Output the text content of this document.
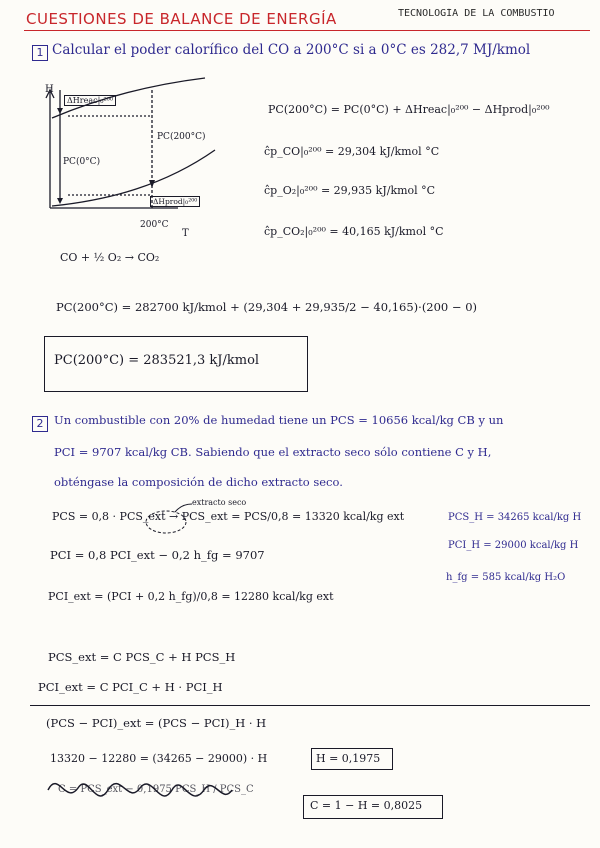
CUESTIONES DE BALANCE DE ENERGÍA	TECNOLOGÍA DE LA COMBUSTIÓ
1 Calcular el poder calorífico del CO a 200°C si a 0°C es 282,7 MJ/kmol
H
T
ΔHreac|₀²⁰⁰
PC(0°C)
PC(200°C)
ΔHprod|₀²⁰⁰
200°C
CO + ½ O₂ → CO₂
PC(200°C) = PC(0°C) + ΔHreac|₀²⁰⁰ − ΔHprod|₀²⁰⁰
ĉp_CO|₀²⁰⁰ = 29,304 kJ/kmol °C
ĉp_O₂|₀²⁰⁰ = 29,935 kJ/kmol °C
ĉp_CO₂|₀²⁰⁰ = 40,165 kJ/kmol °C
PC(200°C) = 282700 kJ/kmol + (29,304 + 29,935/2 − 40,165)·(200 − 0)
PC(200°C) = 283521,3 kJ/kmol
2 Un combustible con 20% de humedad tiene un PCS = 10656 kcal/kg CB y un
PCI = 9707 kcal/kg CB. Sabiendo que el extracto seco sólo contiene C y H,
obténgase la composición de dicho extracto seco.
extracto seco
PCS = 0,8 · PCS_ext → PCS_ext = PCS/0,8 = 13320 kcal/kg ext
PCI = 0,8 PCI_ext − 0,2 h_fg = 9707
PCI_ext = (PCI + 0,2 h_fg)/0,8 = 12280 kcal/kg ext
PCS_ext = C PCS_C + H PCS_H
PCI_ext = C PCI_C + H · PCI_H
(PCS − PCI)_ext = (PCS − PCI)_H · H
13320 − 12280 = (34265 − 29000) · H	H = 0,1975
C = PCS_ext − 0,1975 PCS_H / PCS_C
C = 1 − H = 0,8025
PCS_H = 34265 kcal/kg H
PCI_H = 29000 kcal/kg H
h_fg = 585 kcal/kg H₂O
